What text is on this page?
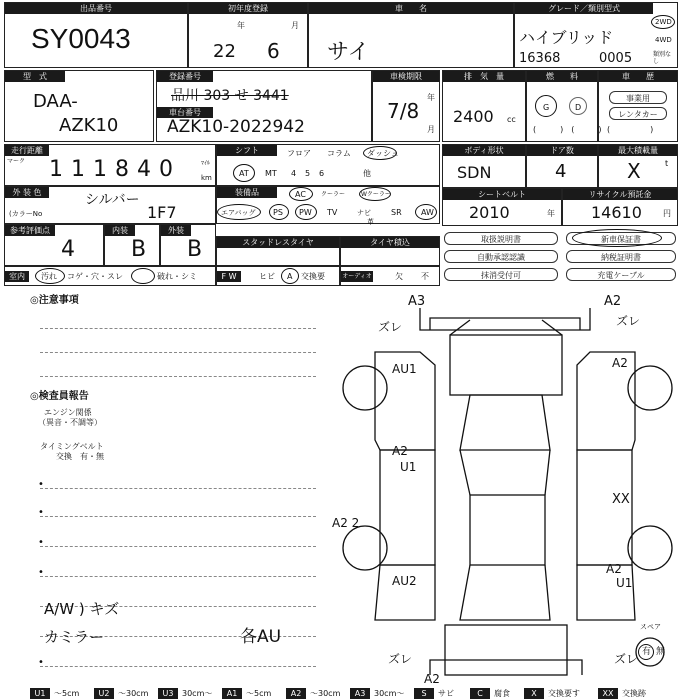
出品番号
SY0043
初年度登録
年	月
22 6
車　　名
サイ
グレード／類別型式
ハイブリッド
16368	0005
2WD
4WD
類別なし
型　式
DAA-
AZK10
登録番号
品川 303 せ 3441
車台番号
AZK10-2022942
車検期限
年
月
7/8
排　気　量
2400 cc
燃　　料
G	D
(　　　)　(　　　)
車　　歴
事業用
レンタカー
(　　　　　)
走行距離
マーク 111840	ﾏｲﾙ
km
シフト	フロア コラム ダッシュ
AT MT 4 5 6	他
ボディ形状
SDN
ドア数
4
最大積載量
X	t
外 装 色	シルバー
(カラーNo	1F7
装備品	AC	クーラー	Wクーラー
エアバッグ PS PW TV	ナビ	SR AW
革
シートベルト
2010	年
リサイクル預託金
14610	円
参考評価点
4
内装
B
外装
B	スタッドレスタイヤ	タイヤ積込	取扱説明書	新車保証書
自動承認認識	納税証明書
抹消受付可	充電ケーブル
室内	汚れ コゲ・穴・スレ	破れ・シミ	F W	ヒビ A 交換要	オーディオ	欠 不
◎注意事項
◎検査員報告
エンジン関係
（異音・不調等）
タイミングベルト
交換　有・無
•
•
•
•
A/W ) キズ
カミラー	各AU
•
A3	A2
ズレ	ズレ
AU1	A2
A2
U1
A2 2
XX
AU2
A2
U1
ズレ
A2
ズレ
スペア
有 無
U1	〜5cm	U2	〜30cm	U3	30cm〜	A1	〜5cm	A2	〜30cm	A3	30cm〜	S	サビ	C	腐食	X	交換要す	XX	交換跡
